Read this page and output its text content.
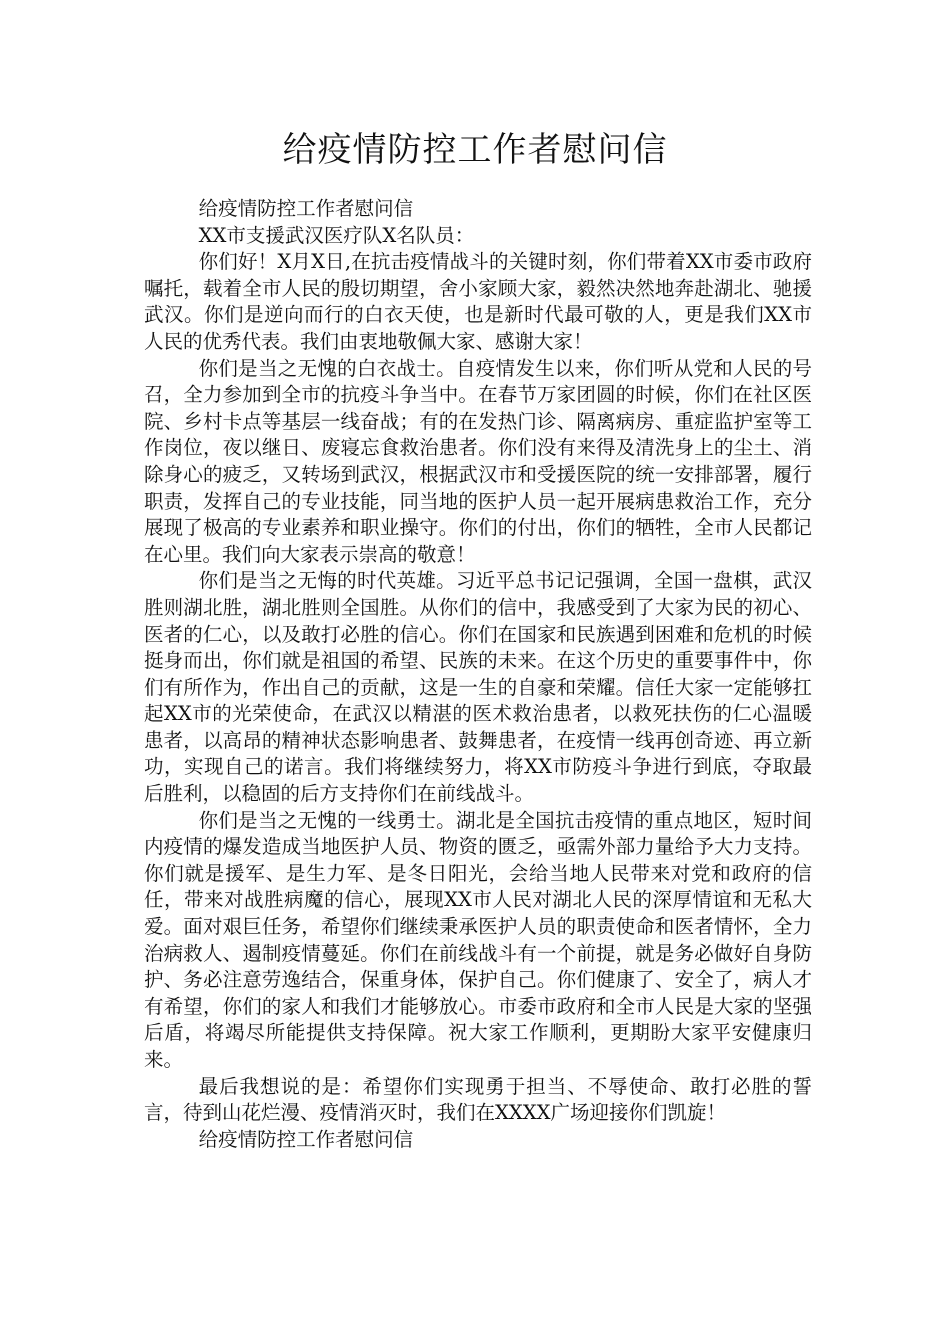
给疫情防控工作者慰问信

给疫情防控工作者慰问信

XX市支援武汉医疗队X名队员：

你们好！X月X日,在抗击疫情战斗的关键时刻，你们带着XX市委市政府嘱托，载着全市人民的殷切期望，舍小家顾大家，毅然决然地奔赴湖北、驰援武汉。你们是逆向而行的白衣天使，也是新时代最可敬的人，更是我们XX市人民的优秀代表。我们由衷地敬佩大家、感谢大家！

你们是当之无愧的白衣战士。自疫情发生以来，你们听从党和人民的号召，全力参加到全市的抗疫斗争当中。在春节万家团圆的时候，你们在社区医院、乡村卡点等基层一线奋战；有的在发热门诊、隔离病房、重症监护室等工作岗位，夜以继日、废寝忘食救治患者。你们没有来得及清洗身上的尘土、消除身心的疲乏，又转场到武汉，根据武汉市和受援医院的统一安排部署，履行职责，发挥自己的专业技能，同当地的医护人员一起开展病患救治工作，充分展现了极高的专业素养和职业操守。你们的付出，你们的牺牲，全市人民都记在心里。我们向大家表示崇高的敬意！

你们是当之无悔的时代英雄。习近平总书记记强调，全国一盘棋，武汉胜则湖北胜，湖北胜则全国胜。从你们的信中，我感受到了大家为民的初心、医者的仁心，以及敢打必胜的信心。你们在国家和民族遇到困难和危机的时候挺身而出，你们就是祖国的希望、民族的未来。在这个历史的重要事件中，你们有所作为，作出自己的贡献，这是一生的自豪和荣耀。信任大家一定能够扛起XX市的光荣使命，在武汉以精湛的医术救治患者，以救死扶伤的仁心温暖患者，以高昂的精神状态影响患者、鼓舞患者，在疫情一线再创奇迹、再立新功，实现自己的诺言。我们将继续努力，将XX市防疫斗争进行到底，夺取最后胜利，以稳固的后方支持你们在前线战斗。

你们是当之无愧的一线勇士。湖北是全国抗击疫情的重点地区，短时间内疫情的爆发造成当地医护人员、物资的匮乏，亟需外部力量给予大力支持。你们就是援军、是生力军、是冬日阳光，会给当地人民带来对党和政府的信任，带来对战胜病魔的信心，展现XX市人民对湖北人民的深厚情谊和无私大爱。面对艰巨任务，希望你们继续秉承医护人员的职责使命和医者情怀，全力治病救人、遏制疫情蔓延。你们在前线战斗有一个前提，就是务必做好自身防护、务必注意劳逸结合，保重身体，保护自己。你们健康了、安全了，病人才有希望，你们的家人和我们才能够放心。市委市政府和全市人民是大家的坚强后盾，将竭尽所能提供支持保障。祝大家工作顺利，更期盼大家平安健康归来。

最后我想说的是：希望你们实现勇于担当、不辱使命、敢打必胜的誓言，待到山花烂漫、疫情消灭时，我们在XXXX广场迎接你们凯旋！

给疫情防控工作者慰问信
